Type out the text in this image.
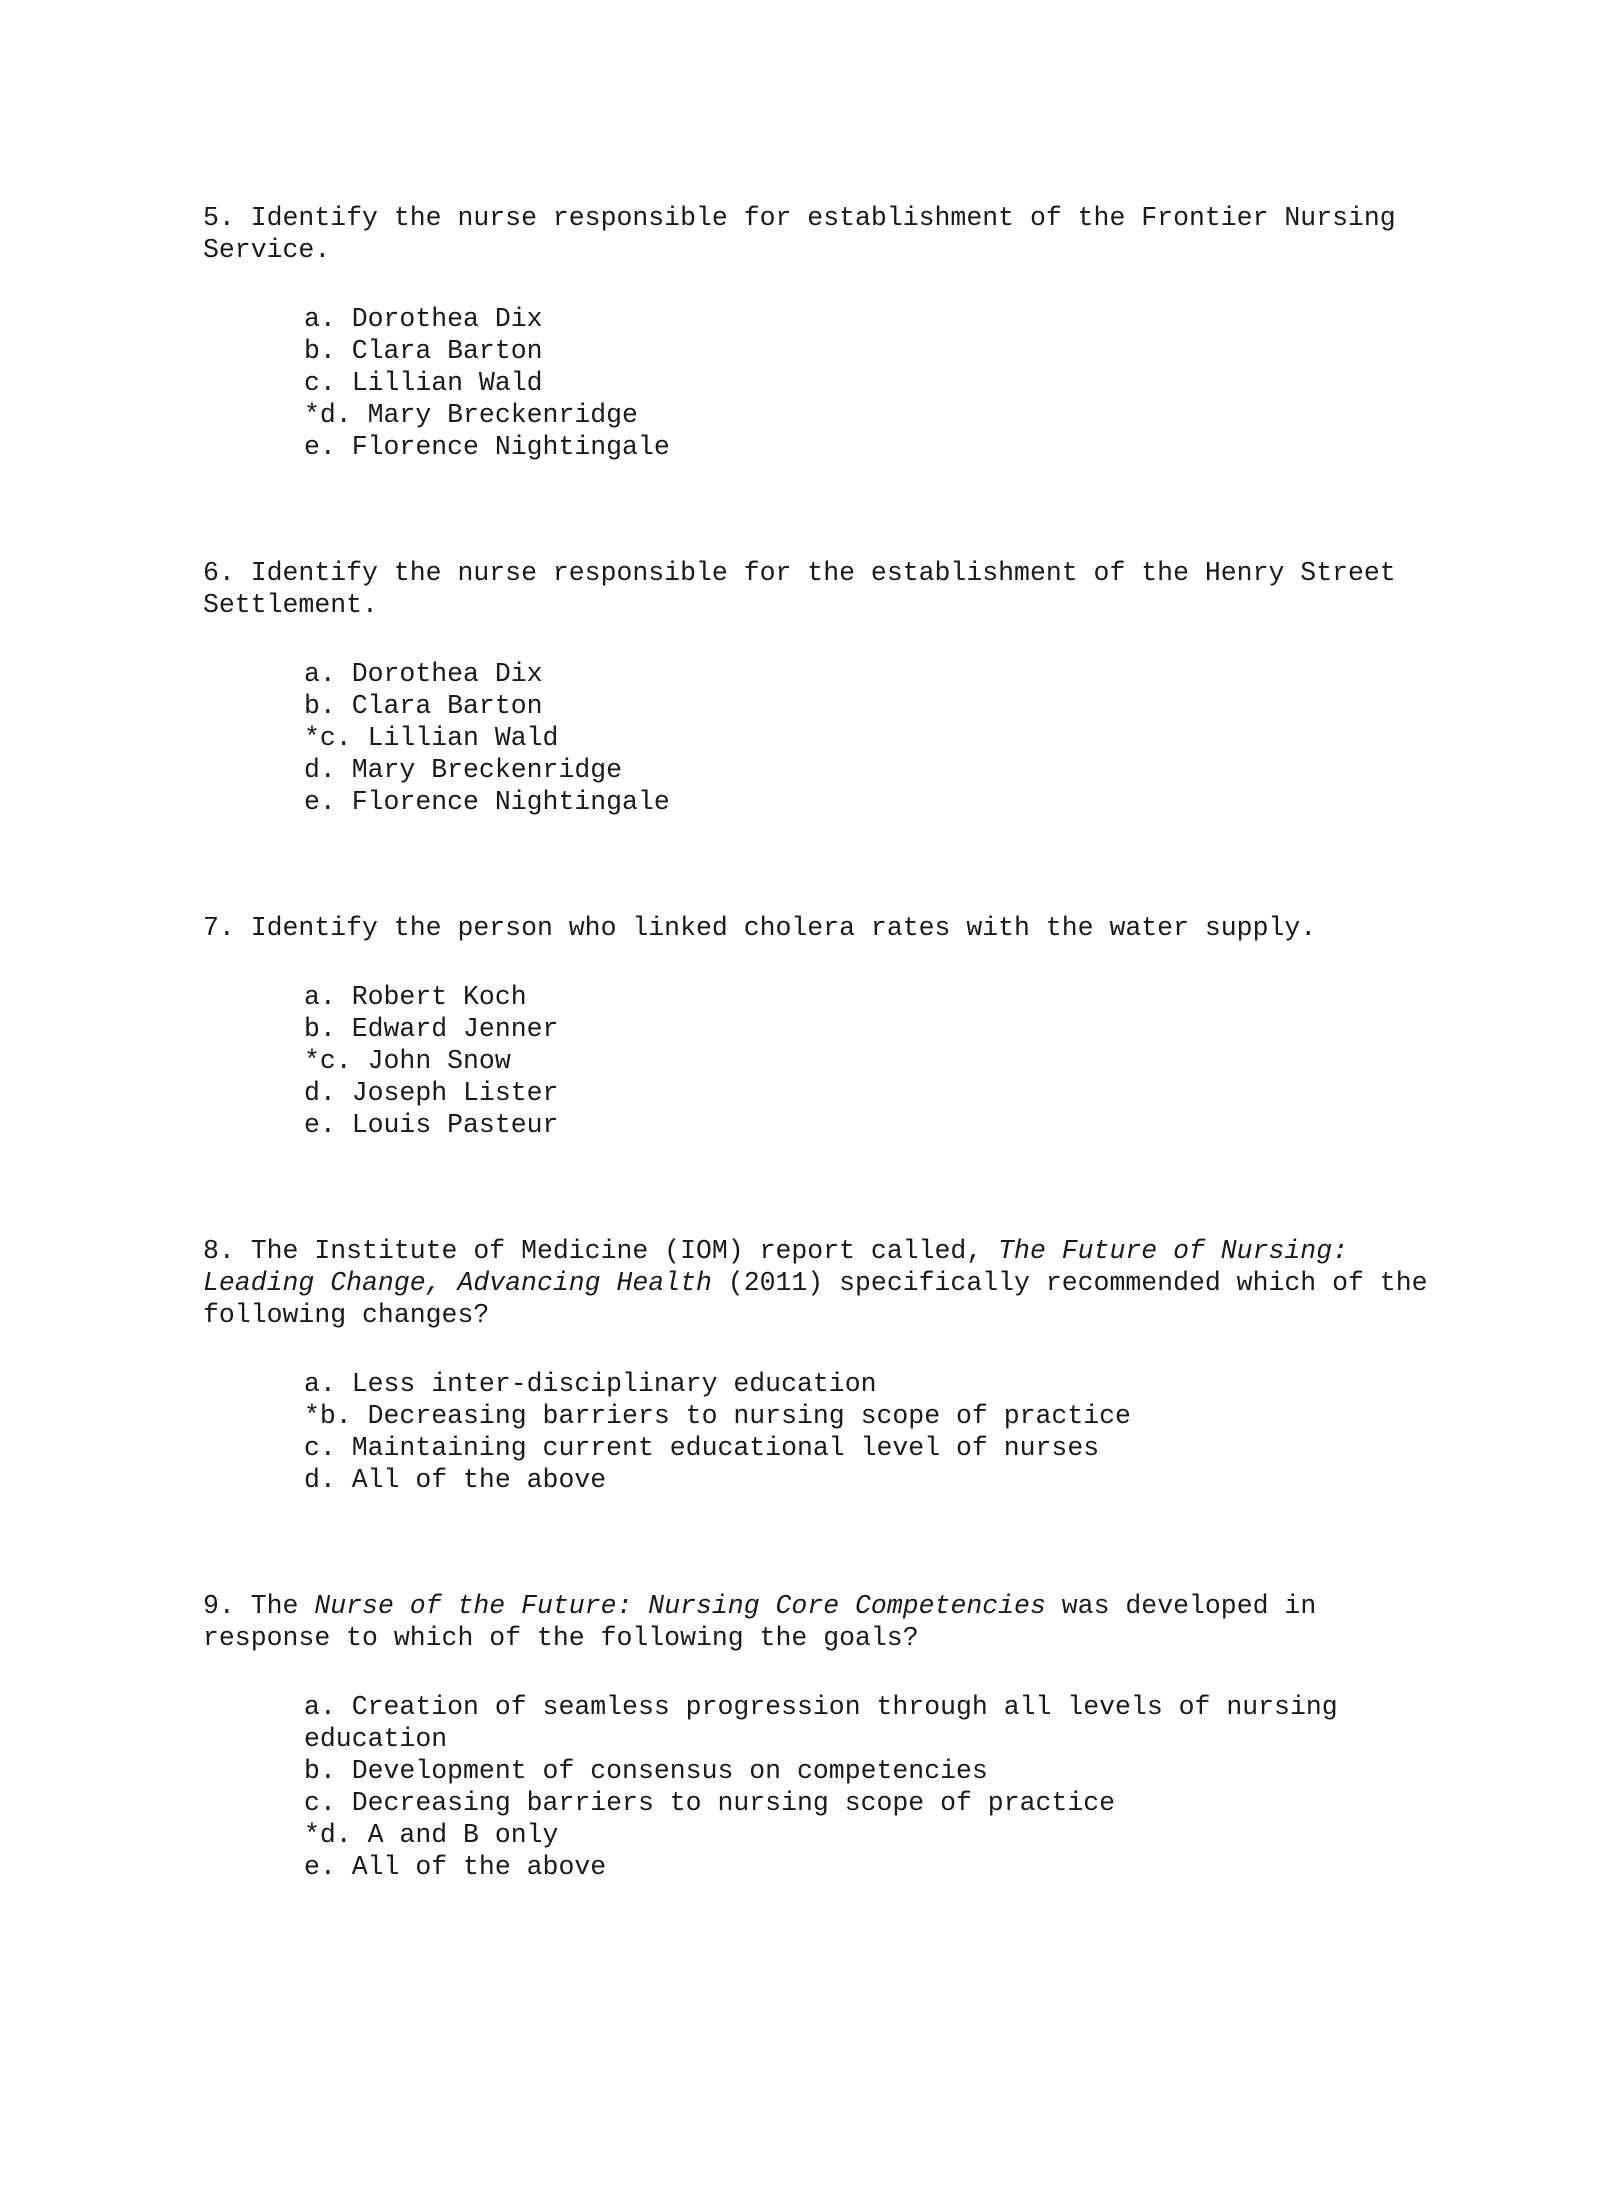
5. Identify the nurse responsible for establishment of the Frontier Nursing Service.
a. Dorothea Dix
b. Clara Barton
c. Lillian Wald
*d. Mary Breckenridge
e. Florence Nightingale
6. Identify the nurse responsible for the establishment of the Henry Street Settlement.
a. Dorothea Dix
b. Clara Barton
*c. Lillian Wald
d. Mary Breckenridge
e. Florence Nightingale
7. Identify the person who linked cholera rates with the water supply.
a. Robert Koch
b. Edward Jenner
*c. John Snow
d. Joseph Lister
e. Louis Pasteur
8. The Institute of Medicine (IOM) report called, The Future of Nursing: Leading Change, Advancing Health (2011) specifically recommended which of the following changes?
a. Less inter-disciplinary education
*b. Decreasing barriers to nursing scope of practice
c. Maintaining current educational level of nurses
d. All of the above
9. The Nurse of the Future: Nursing Core Competencies was developed in response to which of the following the goals?
a. Creation of seamless progression through all levels of nursing education
b. Development of consensus on competencies
c. Decreasing barriers to nursing scope of practice
*d. A and B only
e. All of the above
